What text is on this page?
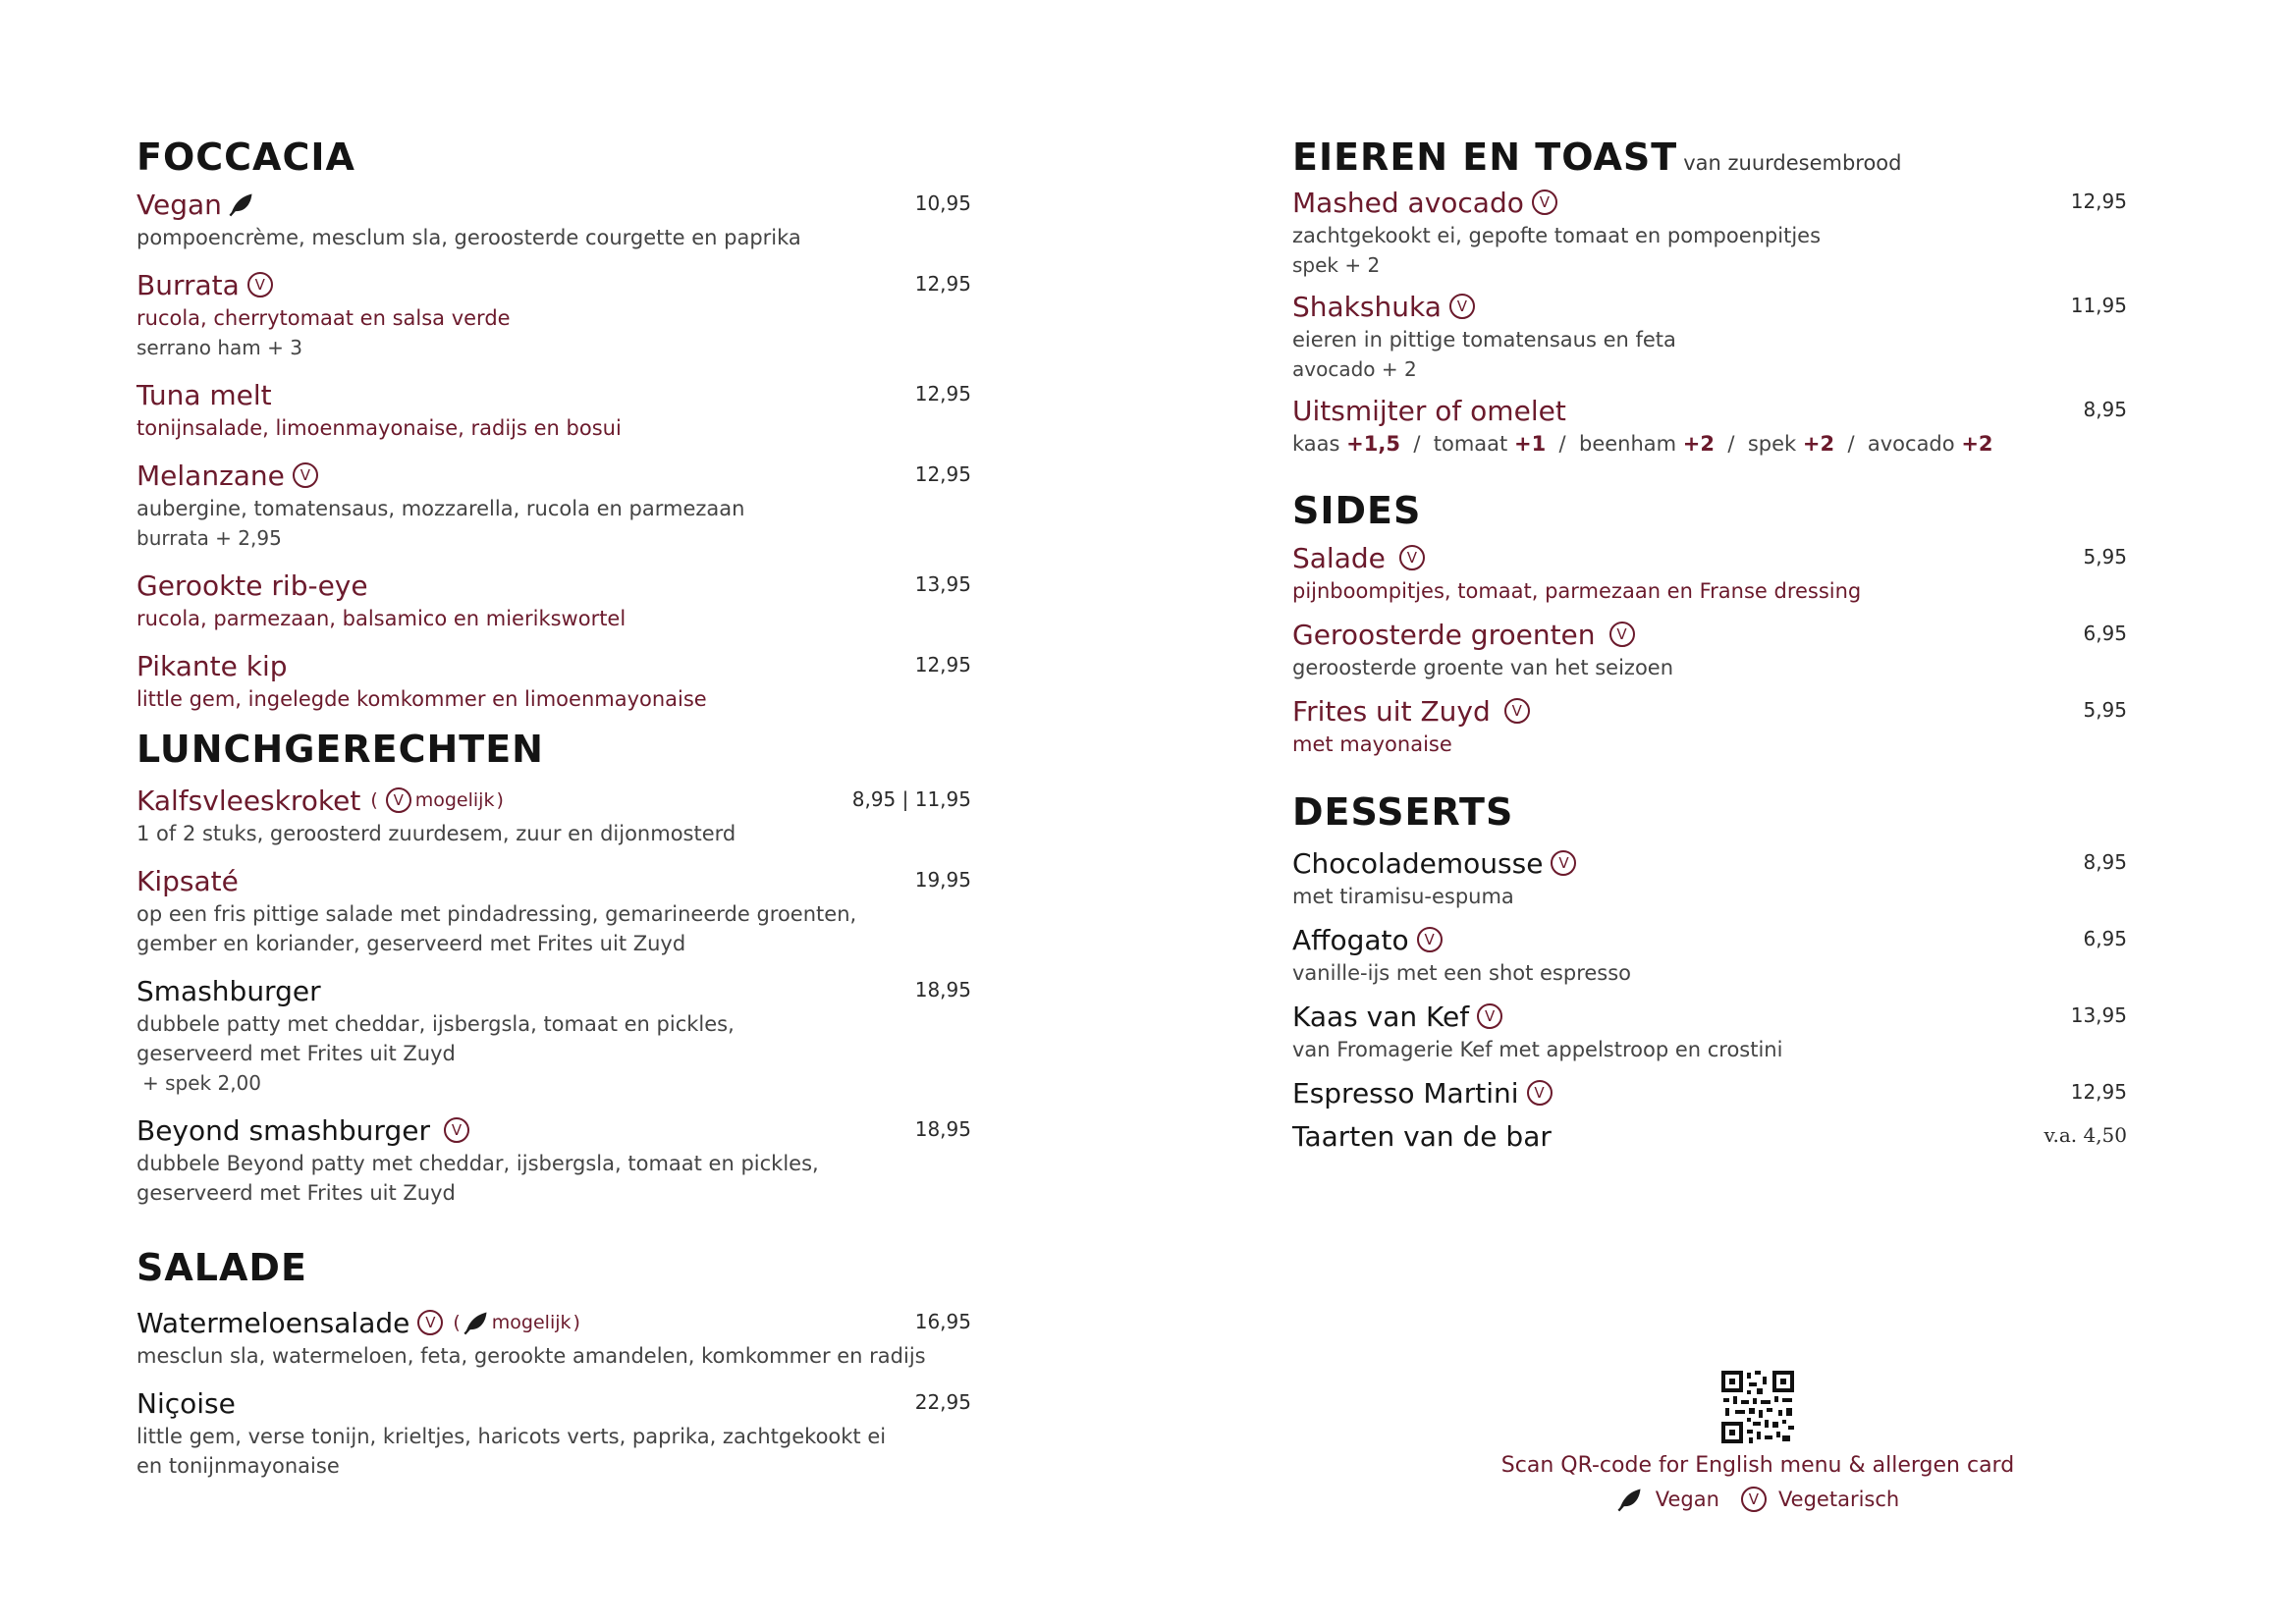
FOCCACIA
Vegan	10,95
pompoencrème, mesclum sla, geroosterde courgette en paprika
Burrata	V	12,95
rucola, cherrytomaat en salsa verde
serrano ham + 3
Tuna melt	12,95
tonijnsalade, limoenmayonaise, radijs en bosui
Melanzane	V	12,95
aubergine, tomatensaus, mozzarella, rucola en parmezaan
burrata + 2,95
Gerookte rib-eye	13,95
rucola, parmezaan, balsamico en mierikswortel
Pikante kip	12,95
little gem, ingelegde komkommer en limoenmayonaise
LUNCHGERECHTEN
Kalfsvleeskroket (	V mogelijk )	8,95 | 11,95
1 of 2 stuks, geroosterd zuurdesem, zuur en dijonmosterd
Kipsaté	19,95
op een fris pittige salade met pindadressing, gemarineerde groenten,
gember en koriander, geserveerd met Frites uit Zuyd
Smashburger	18,95
dubbele patty met cheddar, ijsbergsla, tomaat en pickles,
geserveerd met Frites uit Zuyd
+ spek 2,00
Beyond smashburger	V	18,95
dubbele Beyond patty met cheddar, ijsbergsla, tomaat en pickles,
geserveerd met Frites uit Zuyd
SALADE
Watermeloensalade	V ( mogelijk )	16,95
mesclun sla, watermeloen, feta, gerookte amandelen, komkommer en radijs
Niçoise	22,95
little gem, verse tonijn, krieltjes, haricots verts, paprika, zachtgekookt ei
en tonijnmayonaise
EIEREN EN TOAST van zuurdesembrood
Mashed avocado	V	12,95
zachtgekookt ei, gepofte tomaat en pompoenpitjes
spek + 2
Shakshuka	V	11,95
eieren in pittige tomatensaus en feta
avocado + 2
Uitsmijter of omelet	8,95
kaas +1,5 / tomaat +1 / beenham +2 / spek +2 / avocado +2
SIDES
Salade	V	5,95
pijnboompitjes, tomaat, parmezaan en Franse dressing
Geroosterde groenten	V	6,95
geroosterde groente van het seizoen
Frites uit Zuyd	V	5,95
met mayonaise
DESSERTS
Chocolademousse	V	8,95
met tiramisu-espuma
Affogato	V	6,95
vanille-ijs met een shot espresso
Kaas van Kef	V	13,95
van Fromagerie Kef met appelstroop en crostini
Espresso Martini	V	12,95
Taarten van de bar	v.a. 4,50
Scan QR-code for English menu & allergen card
Vegan	V Vegetarisch
